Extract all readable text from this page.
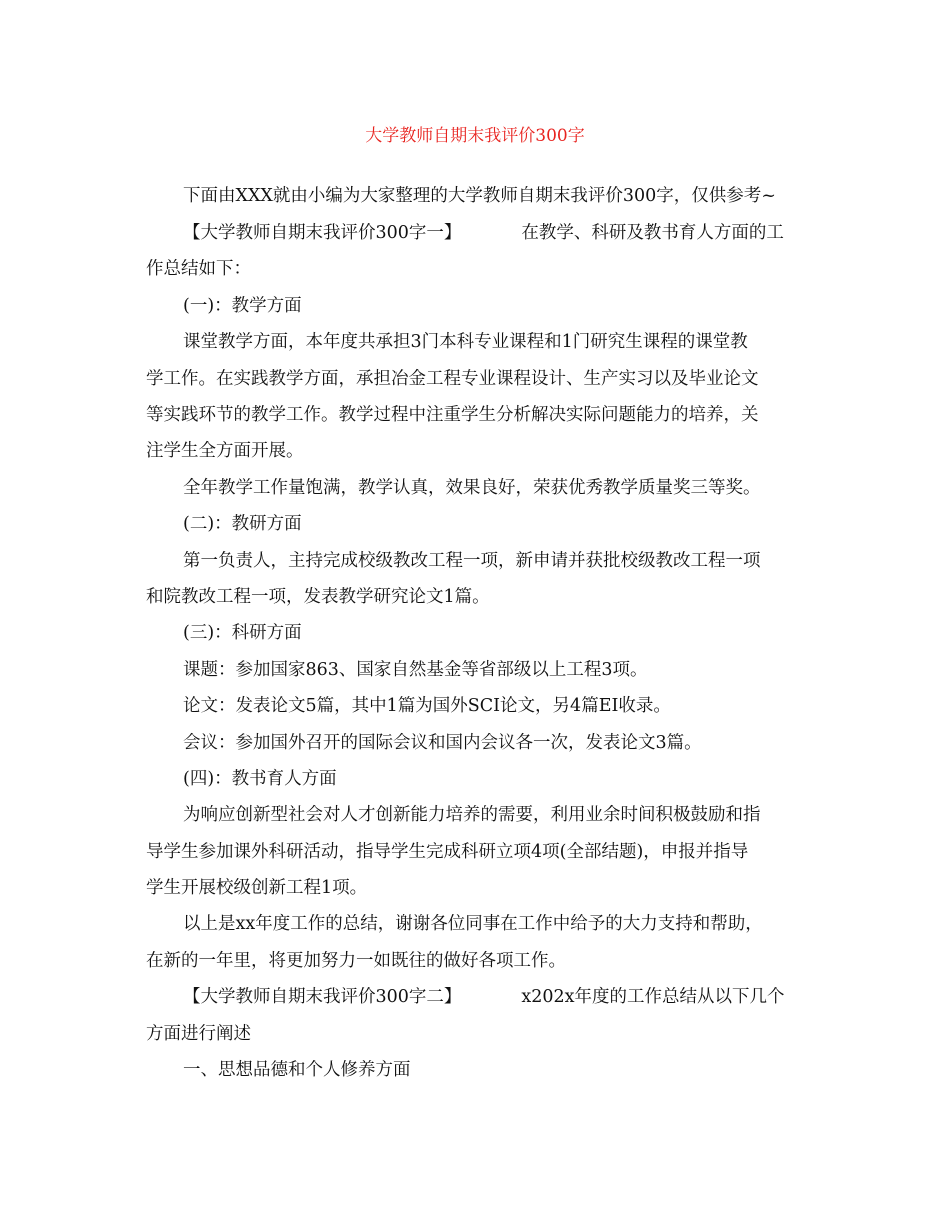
大学教师自期末我评价300字
下面由XXX就由小编为大家整理的大学教师自期末我评价300字，仅供参考~
【大学教师自期末我评价300字一】	在教学、科研及教书育人方面的工
作总结如下：
(一)：教学方面
课堂教学方面，本年度共承担3门本科专业课程和1门研究生课程的课堂教
学工作。在实践教学方面，承担冶金工程专业课程设计、生产实习以及毕业论文
等实践环节的教学工作。教学过程中注重学生分析解决实际问题能力的培养，关
注学生全方面开展。
全年教学工作量饱满，教学认真，效果良好，荣获优秀教学质量奖三等奖。
(二)：教研方面
第一负责人，主持完成校级教改工程一项，新申请并获批校级教改工程一项
和院教改工程一项，发表教学研究论文1篇。
(三)：科研方面
课题：参加国家863、国家自然基金等省部级以上工程3项。
论文：发表论文5篇，其中1篇为国外SCI论文，另4篇EI收录。
会议：参加国外召开的国际会议和国内会议各一次，发表论文3篇。
(四)：教书育人方面
为响应创新型社会对人才创新能力培养的需要，利用业余时间积极鼓励和指
导学生参加课外科研活动，指导学生完成科研立项4项(全部结题)，申报并指导
学生开展校级创新工程1项。
以上是xx年度工作的总结，谢谢各位同事在工作中给予的大力支持和帮助，
在新的一年里，将更加努力一如既往的做好各项工作。
【大学教师自期末我评价300字二】	x202x年度的工作总结从以下几个
方面进行阐述
一、思想品德和个人修养方面
